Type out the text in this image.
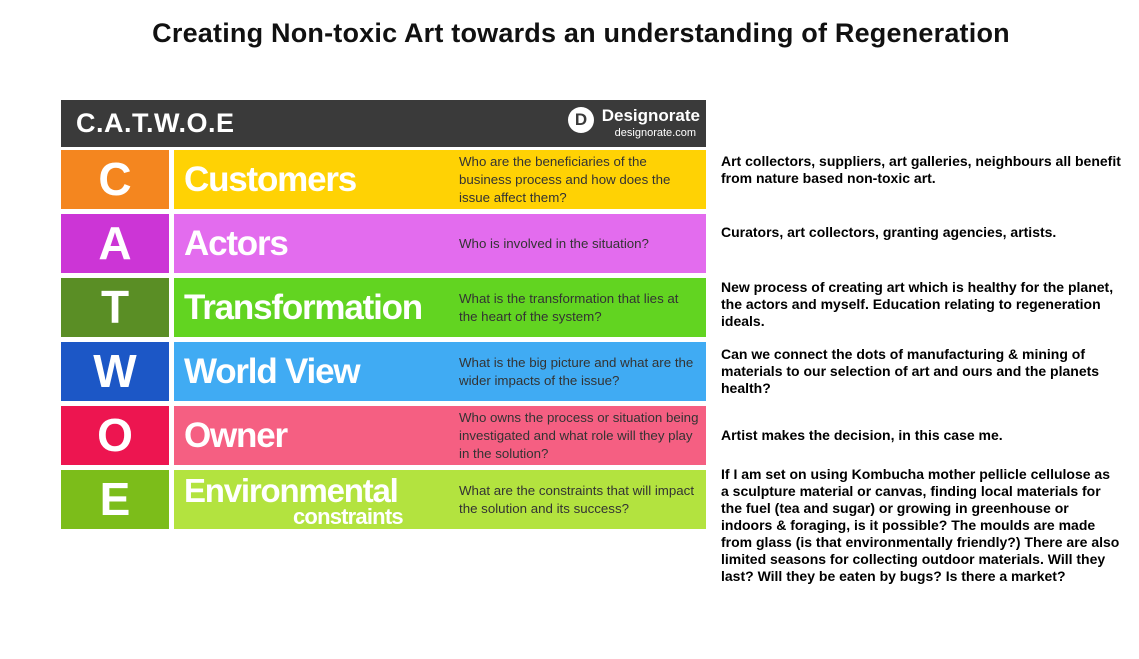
Creating Non-toxic Art towards an understanding of Regeneration
C.A.T.W.O.E
D	Designorate
designorate.com
C	Customers	Who are the beneficiaries of the business process and how does the issue affect them?
A	Actors	Who is involved in the situation?
T	Transformation	What is the transformation that lies at the heart of the system?
W	World View	What is the big picture and what are the wider impacts of the issue?
O	Owner	Who owns the process or situation being investigated and what role will they play in the solution?
E	Environmental
constraints
What are the constraints that will impact the solution and its success?
Art collectors, suppliers, art galleries, neighbours all benefit from nature based non-toxic art.
Curators, art collectors, granting agencies, artists.
New process of creating art which is healthy for the planet, the actors and myself. Education relating to regeneration ideals.
Can we connect the dots of manufacturing & mining of materials to our selection of art and ours and the planets health?
Artist makes the decision, in this case me.
If I am set on using Kombucha mother pellicle cellulose as a sculpture material or canvas, finding local materials for the fuel (tea and sugar) or growing in greenhouse or indoors & foraging, is it possible? The moulds are made from glass (is that environmentally friendly?) There are also limited seasons for collecting outdoor materials. Will they last? Will they be eaten by bugs? Is there a market?
